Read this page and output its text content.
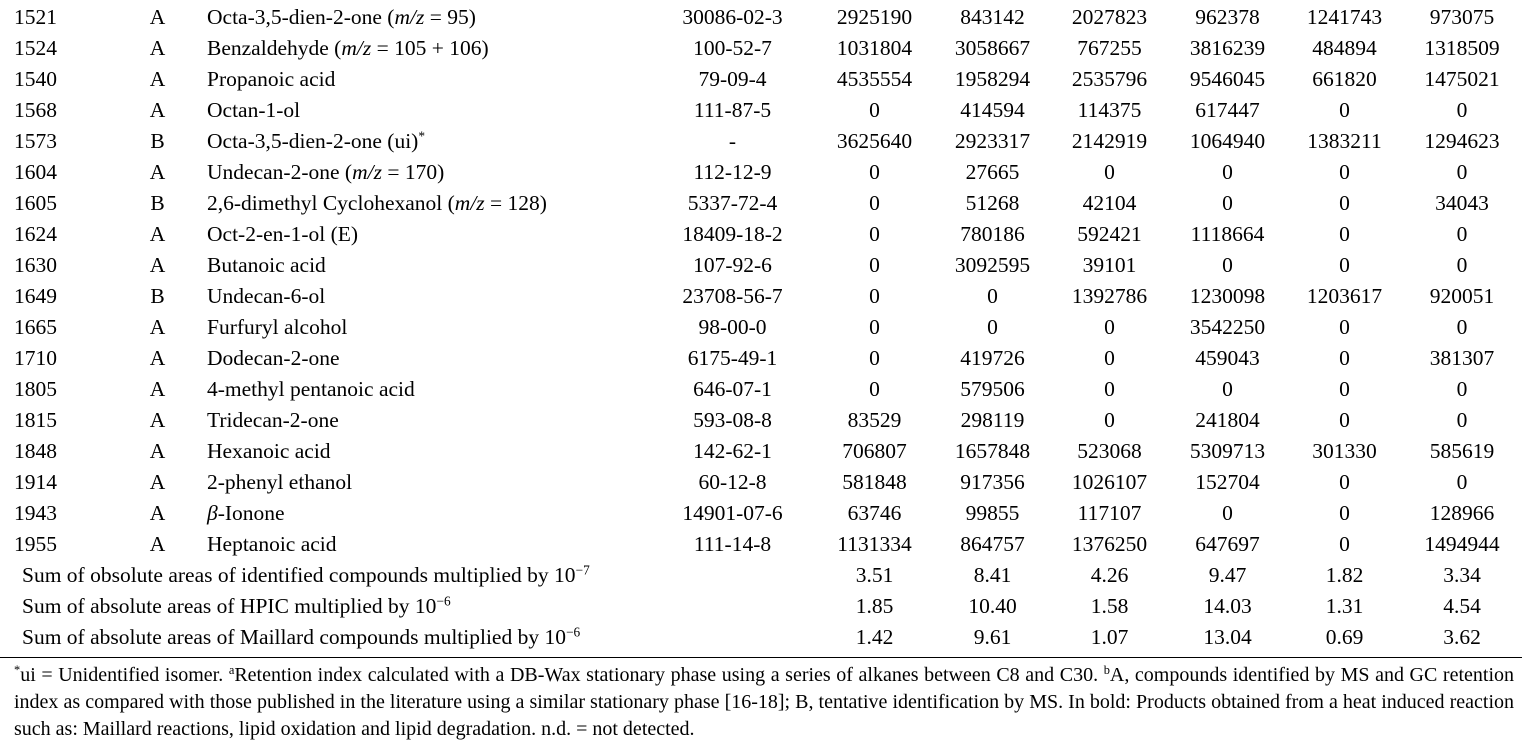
1521	A	Octa-3,5-dien-2-one (m/z = 95)	30086-02-3	2925190	843142	2027823	962378	1241743	973075
1524	A	Benzaldehyde (m/z = 105 + 106)	100-52-7	1031804	3058667	767255	3816239	484894	1318509
1540	A	Propanoic acid	79-09-4	4535554	1958294	2535796	9546045	661820	1475021
1568	A	Octan-1-ol	111-87-5	0	414594	114375	617447	0	0
1573	B	Octa-3,5-dien-2-one (ui)*	-	3625640	2923317	2142919	1064940	1383211	1294623
1604	A	Undecan-2-one (m/z = 170)	112-12-9	0	27665	0	0	0	0
1605	B	2,6-dimethyl Cyclohexanol (m/z = 128)	5337-72-4	0	51268	42104	0	0	34043
1624	A	Oct-2-en-1-ol (E)	18409-18-2	0	780186	592421	1118664	0	0
1630	A	Butanoic acid	107-92-6	0	3092595	39101	0	0	0
1649	B	Undecan-6-ol	23708-56-7	0	0	1392786	1230098	1203617	920051
1665	A	Furfuryl alcohol	98-00-0	0	0	0	3542250	0	0
1710	A	Dodecan-2-one	6175-49-1	0	419726	0	459043	0	381307
1805	A	4-methyl pentanoic acid	646-07-1	0	579506	0	0	0	0
1815	A	Tridecan-2-one	593-08-8	83529	298119	0	241804	0	0
1848	A	Hexanoic acid	142-62-1	706807	1657848	523068	5309713	301330	585619
1914	A	2-phenyl ethanol	60-12-8	581848	917356	1026107	152704	0	0
1943	A	β-Ionone	14901-07-6	63746	99855	117107	0	0	128966
1955	A	Heptanoic acid	111-14-8	1131334	864757	1376250	647697	0	1494944
Sum of obsolute areas of identified compounds multiplied by $10^{-7}$				3.51	8.41	4.26	9.47	1.82	3.34
Sum of absolute areas of HPIC multiplied by $10^{-6}$				1.85	10.40	1.58	14.03	1.31	4.54
Sum of absolute areas of Maillard compounds multiplied by $10^{-6}$				1.42	9.61	1.07	13.04	0.69	3.62

*ui = Unidentified isomer. $^a$Retention index calculated with a DB-Wax stationary phase using a series of alkanes between C8 and C30. $^b$A, compounds identified by MS and GC retention index as compared with those published in the literature using a similar stationary phase [16-18]; B, tentative identification by MS. In bold: Products obtained from a heat induced reaction such as: Maillard reactions, lipid oxidation and lipid degradation. n.d. = not detected.
